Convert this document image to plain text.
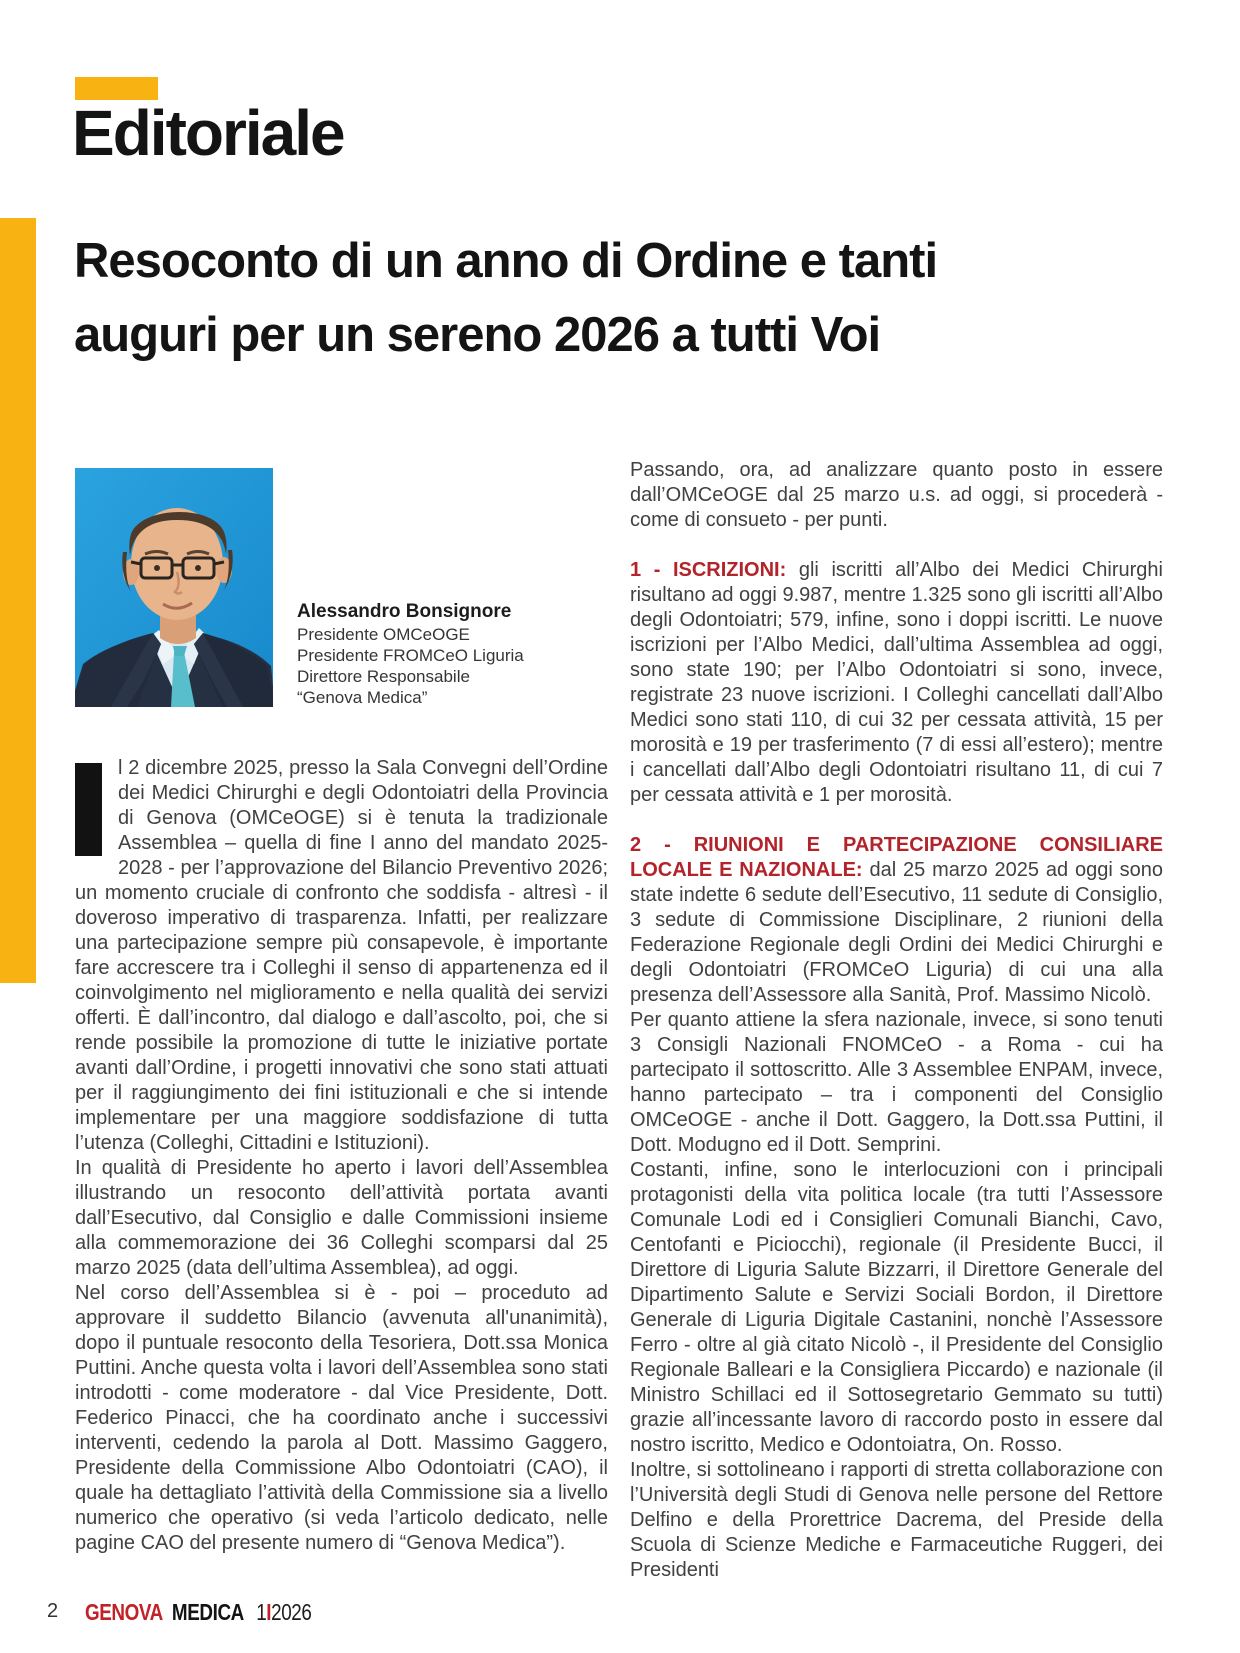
Editoriale
Resoconto di un anno di Ordine e tanti
auguri per un sereno 2026 a tutti Voi
Alessandro Bonsignore
Presidente OMCeOGE
Presidente FROMCeO Liguria
Direttore Responsabile
“Genova Medica”

I l 2 dicembre 2025, presso la Sala Convegni dell’Ordine dei Medici Chirurghi e degli Odontoiatri della Provincia di Genova (OMCeOGE) si è tenuta la tradizionale Assemblea – quella di fine I anno del mandato 2025-2028 - per l’approvazione del Bilancio Preventivo 2026; un momento cruciale di confronto che soddisfa - altresì - il doveroso imperativo di trasparenza. Infatti, per realizzare una partecipazione sempre più consapevole, è importante fare accrescere tra i Colleghi il senso di appartenenza ed il coinvolgimento nel miglioramento e nella qualità dei servizi offerti. È dall’incontro, dal dialogo e dall’ascolto, poi, che si rende possibile la promozione di tutte le iniziative portate avanti dall’Ordine, i progetti innovativi che sono stati attuati per il raggiungimento dei fini istituzionali e che si intende implementare per una maggiore soddisfazione di tutta l’utenza (Colleghi, Cittadini e Istituzioni).

In qualità di Presidente ho aperto i lavori dell’Assemblea illustrando un resoconto dell’attività portata avanti dall’Esecutivo, dal Consiglio e dalle Commissioni insieme alla commemorazione dei 36 Colleghi scomparsi dal 25 marzo 2025 (data dell’ultima Assemblea), ad oggi.

Nel corso dell’Assemblea si è - poi – proceduto ad approvare il suddetto Bilancio (avvenuta all'unanimità), dopo il puntuale resoconto della Tesoriera, Dott.ssa Monica Puttini. Anche questa volta i lavori dell’Assemblea sono stati introdotti - come moderatore - dal Vice Presidente, Dott. Federico Pinacci, che ha coordinato anche i successivi interventi, cedendo la parola al Dott. Massimo Gaggero, Presidente della Commissione Albo Odontoiatri (CAO), il quale ha dettagliato l’attività della Commissione sia a livello numerico che operativo (si veda l’articolo dedicato, nelle pagine CAO del presente numero di “Genova Medica”).

Passando, ora, ad analizzare quanto posto in essere dall’OMCeOGE dal 25 marzo u.s. ad oggi, si procederà - come di consueto - per punti.

1 - ISCRIZIONI: gli iscritti all’Albo dei Medici Chirurghi risultano ad oggi 9.987, mentre 1.325 sono gli iscritti all’Albo degli Odontoiatri; 579, infine, sono i doppi iscritti. Le nuove iscrizioni per l’Albo Medici, dall’ultima Assemblea ad oggi, sono state 190; per l’Albo Odontoiatri si sono, invece, registrate 23 nuove iscrizioni. I Colleghi cancellati dall’Albo Medici sono stati 110, di cui 32 per cessata attività, 15 per morosità e 19 per trasferimento (7 di essi all’estero); mentre i cancellati dall’Albo degli Odontoiatri risultano 11, di cui 7 per cessata attività e 1 per morosità.

2 - RIUNIONI E PARTECIPAZIONE CONSILIARE LOCALE E NAZIONALE: dal 25 marzo 2025 ad oggi sono state indette 6 sedute dell’Esecutivo, 11 sedute di Consiglio, 3 sedute di Commissione Disciplinare, 2 riunioni della Federazione Regionale degli Ordini dei Medici Chirurghi e degli Odontoiatri (FROMCeO Liguria) di cui una alla presenza dell’Assessore alla Sanità, Prof. Massimo Nicolò.

Per quanto attiene la sfera nazionale, invece, si sono tenuti 3 Consigli Nazionali FNOMCeO - a Roma - cui ha partecipato il sottoscritto. Alle 3 Assemblee ENPAM, invece, hanno partecipato – tra i componenti del Consiglio OMCeOGE - anche il Dott. Gaggero, la Dott.ssa Puttini, il Dott. Modugno ed il Dott. Semprini.

Costanti, infine, sono le interlocuzioni con i principali protagonisti della vita politica locale (tra tutti l’Assessore Comunale Lodi ed i Consiglieri Comunali Bianchi, Cavo, Centofanti e Piciocchi), regionale (il Presidente Bucci, il Direttore di Liguria Salute Bizzarri, il Direttore Generale del Dipartimento Salute e Servizi Sociali Bordon, il Direttore Generale di Liguria Digitale Castanini, nonchè l’Assessore Ferro - oltre al già citato Nicolò -, il Presidente del Consiglio Regionale Balleari e la Consigliera Piccardo) e nazionale (il Ministro Schillaci ed il Sottosegretario Gemmato su tutti) grazie all’incessante lavoro di raccordo posto in essere dal nostro iscritto, Medico e Odontoiatra, On. Rosso.

Inoltre, si sottolineano i rapporti di stretta collaborazione con l’Università degli Studi di Genova nelle persone del Rettore Delfino e della Prorettrice Dacrema, del Preside della Scuola di Scienze Mediche e Farmaceutiche Ruggeri, dei Presidenti

2 GENOVA MEDICA 1I2026
